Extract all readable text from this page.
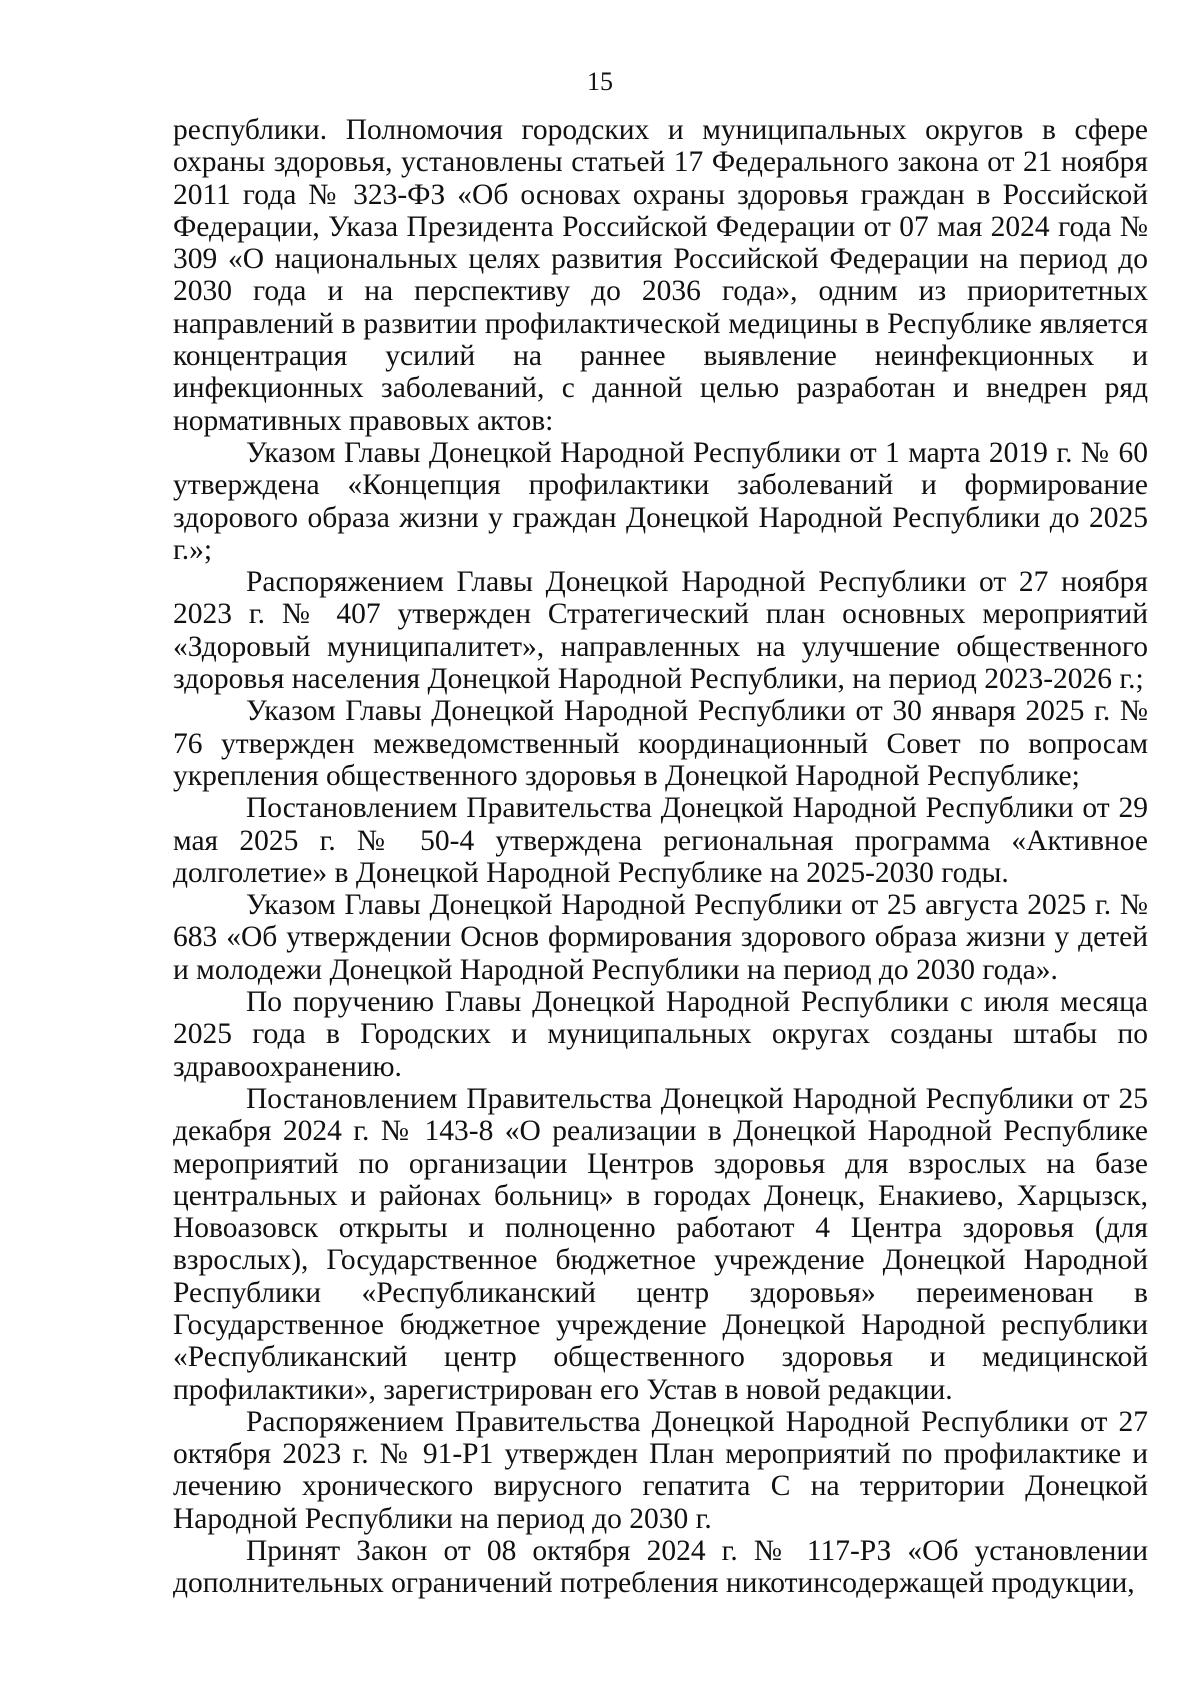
15

республики. Полномочия городских и муниципальных округов в сфере охраны здоровья, установлены статьей 17 Федерального закона от 21 ноября 2011 года № 323-ФЗ «Об основах охраны здоровья граждан в Российской Федерации, Указа Президента Российской Федерации от 07 мая 2024 года № 309 «О национальных целях развития Российской Федерации на период до 2030 года и на перспективу до 2036 года», одним из приоритетных направлений в развитии профилактической медицины в Республике является концентрация усилий на раннее выявление неинфекционных и инфекционных заболеваний, с данной целью разработан и внедрен ряд нормативных правовых актов:

Указом Главы Донецкой Народной Республики от 1 марта 2019 г. № 60 утверждена «Концепция профилактики заболеваний и формирование здорового образа жизни у граждан Донецкой Народной Республики до 2025 г.»;

Распоряжением Главы Донецкой Народной Республики от 27 ноября 2023 г. № 407 утвержден Стратегический план основных мероприятий «Здоровый муниципалитет», направленных на улучшение общественного здоровья населения Донецкой Народной Республики, на период 2023-2026 г.;

Указом Главы Донецкой Народной Республики от 30 января 2025 г. № 76 утвержден межведомственный координационный Совет по вопросам укрепления общественного здоровья в Донецкой Народной Республике;

Постановлением Правительства Донецкой Народной Республики от 29 мая 2025 г. № 50-4 утверждена региональная программа «Активное долголетие» в Донецкой Народной Республике на 2025-2030 годы.

Указом Главы Донецкой Народной Республики от 25 августа 2025 г. № 683 «Об утверждении Основ формирования здорового образа жизни у детей и молодежи Донецкой Народной Республики на период до 2030 года».

По поручению Главы Донецкой Народной Республики с июля месяца 2025 года в Городских и муниципальных округах созданы штабы по здравоохранению.

Постановлением Правительства Донецкой Народной Республики от 25 декабря 2024 г. № 143-8 «О реализации в Донецкой Народной Республике мероприятий по организации Центров здоровья для взрослых на базе центральных и районах больниц» в городах Донецк, Енакиево, Харцызск, Новоазовск открыты и полноценно работают 4 Центра здоровья (для взрослых), Государственное бюджетное учреждение Донецкой Народной Республики «Республиканский центр здоровья» переименован в Государственное бюджетное учреждение Донецкой Народной республики «Республиканский центр общественного здоровья и медицинской профилактики», зарегистрирован его Устав в новой редакции.

Распоряжением Правительства Донецкой Народной Республики от 27 октября 2023 г. № 91-Р1 утвержден План мероприятий по профилактике и лечению хронического вирусного гепатита С на территории Донецкой Народной Республики на период до 2030 г.

Принят Закон от 08 октября 2024 г. № 117-РЗ «Об установлении дополнительных ограничений потребления никотинсодержащей продукции,
